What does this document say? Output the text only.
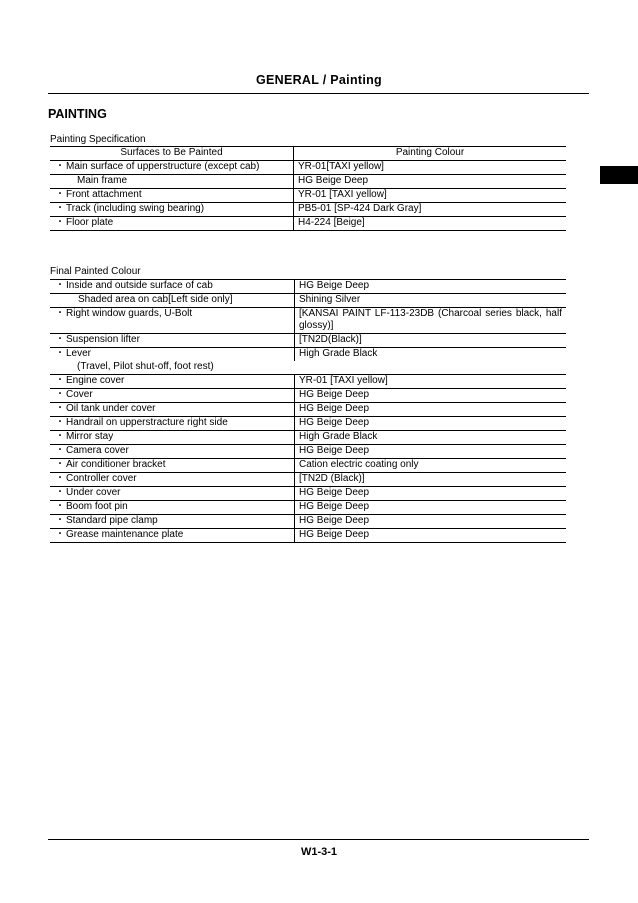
GENERAL / Painting
PAINTING
Painting Specification
Surfaces to Be Painted	Painting Colour
・Main surface of upperstructure (except cab)	YR-01[TAXI yellow]
Main frame	HG Beige Deep
・Front attachment	YR-01 [TAXI yellow]
・Track (including swing bearing)	PB5-01 [SP-424 Dark Gray]
・Floor plate	H4-224 [Beige]
Final Painted Colour
・Inside and outside surface of cab	HG Beige Deep
Shaded area on cab[Left side only]	Shining Silver
・Right window guards, U-Bolt	[KANSAI PAINT LF-113-23DB (Charcoal series black, half glossy)]
・Suspension lifter	[TN2D(Black)]
・Lever	High Grade Black
(Travel, Pilot shut-off, foot rest)	
・Engine cover	YR-01 [TAXI yellow]
・Cover	HG Beige Deep
・Oil tank under cover	HG Beige Deep
・Handrail on upperstracture right side	HG Beige Deep
・Mirror stay	High Grade Black
・Camera cover	HG Beige Deep
・Air conditioner bracket	Cation electric coating only
・Controller cover	[TN2D (Black)]
・Under cover	HG Beige Deep
・Boom foot pin	HG Beige Deep
・Standard pipe clamp	HG Beige Deep
・Grease maintenance plate	HG Beige Deep
W1-3-1
